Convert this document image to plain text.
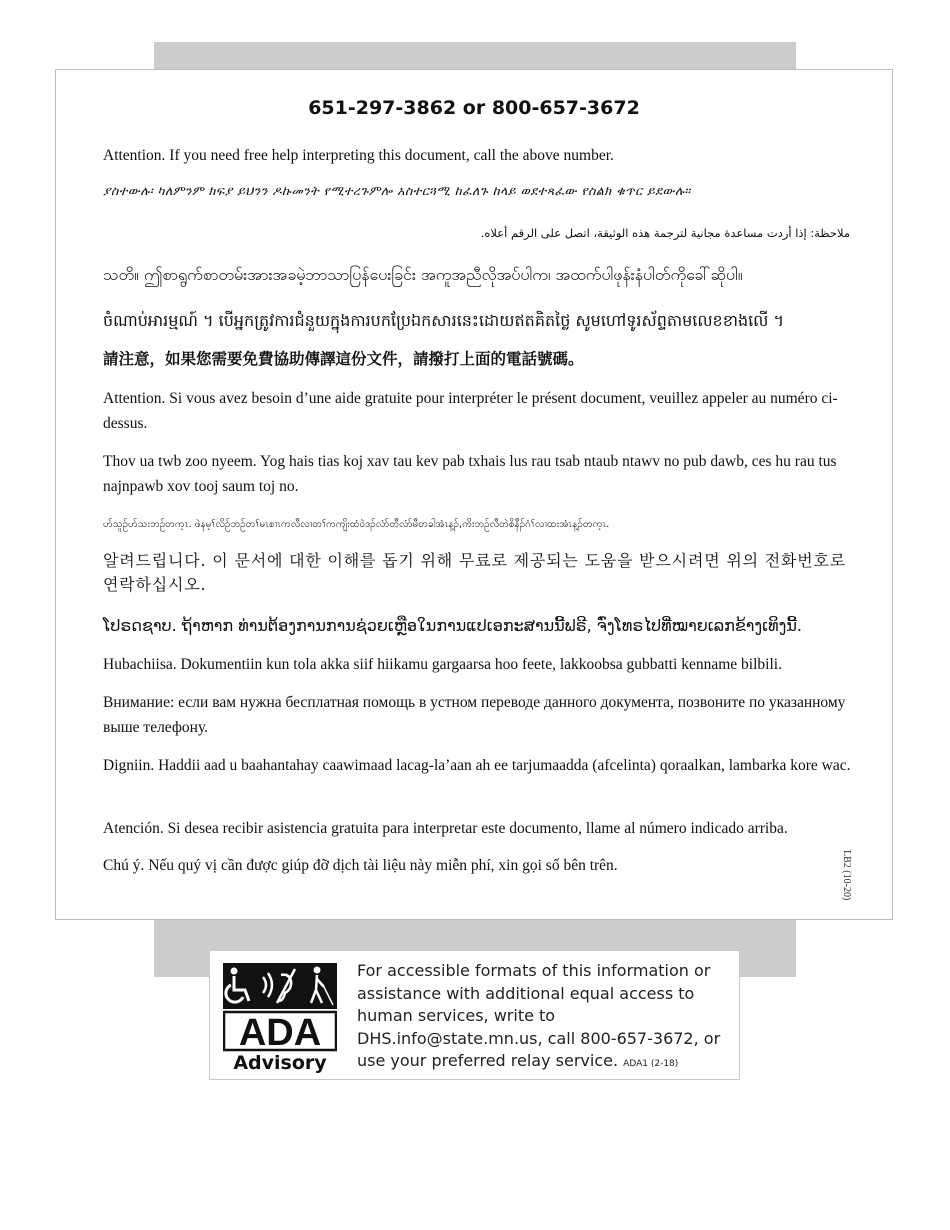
651-297-3862 or 800-657-3672
Attention. If you need free help interpreting this document, call the above number.
ያስተውሉ፡ ካለምንም ክፍያ ይህንን ዶኩመንት የሚተረጉምሎ አስተርጓሚ ከፈለጉ ከላይ ወደተጻፈው የስልክ ቁጥር ይደውሉ።
ملاحظة: إذا أردت مساعدة مجانية لترجمة هذه الوثيقة، اتصل على الرقم أعلاه.
သတိ။ ဤစာရွက်စာတမ်းအားအခမဲ့ဘာသာပြန်ပေးခြင်း အကူအညီလိုအပ်ပါက၊ အထက်ပါဖုန်းနံပါတ်ကိုခေါ်ဆိုပါ။
ចំណាប់អារម្មណ៍ ។ បើអ្នកត្រូវការជំនួយក្នុងការបកប្រែឯកសារនេះដោយឥតគិតថ្លៃ សូមហៅទូរស័ព្ទតាមលេខខាងលើ ។
請注意，如果您需要免費協助傳譯這份文件，請撥打上面的電話號碼。
Attention. Si vous avez besoin d’une aide gratuite pour interpréter le présent document, veuillez appeler au numéro ci-dessus.
Thov ua twb zoo nyeem. Yog hais tias koj xav tau kev pab txhais lus rau tsab ntaub ntawv no pub dawb, ces hu rau tus najnpawb xov tooj saum toj no.
ဟ်သူဉ်ဟ်သးဘဉ်တက့ၤ. ဖဲနမ့ၢ်လိဉ်ဘဉ်တၢ်မၤစၢၤကလီလၢတၢ်ကကျိးထံဝဲဒၣ်လံာ်တီလံာ်မီတခါအံၤန့ၣ်,ကိးဘဉ်လီတဲစိနီၣ်ဂံၢ်လၢထးအံၤန့ၣ်တက့ၤ.
알려드립니다. 이 문서에 대한 이해를 돕기 위해 무료로 제공되는 도움을 받으시려면 위의 전화번호로 연락하십시오.
ໂປຣດຊາບ. ຖ້າຫາກ ທ່ານຕ້ອງການການຊ່ວຍເຫຼືອໃນການແປເອກະສານນີ້ຟຣີ, ຈົ່ງໂທຣໄປທີ່ໝາຍເລກຂ້າງເທິງນີ້.
Hubachiisa. Dokumentiin kun tola akka siif hiikamu gargaarsa hoo feete, lakkoobsa gubbatti kenname bilbili.
Внимание: если вам нужна бесплатная помощь в устном переводе данного документа, позвоните по указанному выше телефону.
Digniin. Haddii aad u baahantahay caawimaad lacag-la’aan ah ee tarjumaadda (afcelinta) qoraalkan, lambarka kore wac.
Atención. Si desea recibir asistencia gratuita para interpretar este documento, llame al número indicado arriba.
Chú ý. Nếu quý vị cần được giúp đỡ dịch tài liệu này miễn phí, xin gọi số bên trên.	LB2 (10-20)
ADA
Advisory
For accessible formats of this information or assistance with additional equal access to human services, write to DHS.info@state.mn.us, call 800-657-3672, or use your preferred relay service. ADA1 (2-18)
